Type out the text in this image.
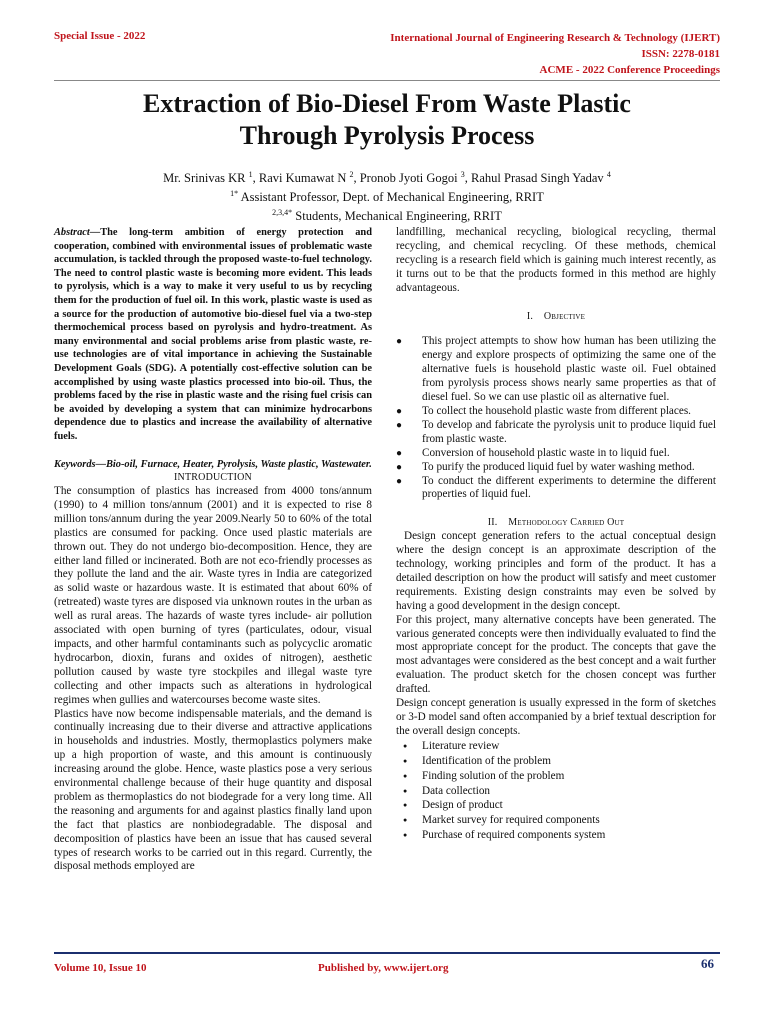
Special Issue - 2022	International Journal of Engineering Research & Technology (IJERT)
ISSN: 2278-0181
ACME - 2022 Conference Proceedings
Extraction of Bio-Diesel From Waste Plastic
Through Pyrolysis Process
Mr. Srinivas KR $^1$, Ravi Kumawat N $^2$, Pronob Jyoti Gogoi $^3$, Rahul Prasad Singh Yadav $^4$
$^{1*}$ Assistant Professor, Dept. of Mechanical Engineering, RRIT
$^{2,3,4*}$ Students, Mechanical Engineering, RRIT

Abstract—The long-term ambition of energy protection and cooperation, combined with environmental issues of problematic waste accumulation, is tackled through the proposed waste-to-fuel technology. The need to control plastic waste is becoming more evident. This leads to pyrolysis, which is a way to make it very useful to us by recycling them for the production of fuel oil. In this work, plastic waste is used as a source for the production of automotive bio-diesel fuel via a two-step thermochemical process based on pyrolysis and hydro-treatment. As many environmental and social problems arise from plastic waste, re-use technologies are of vital importance in achieving the Sustainable Development Goals (SDG). A potentially cost-effective solution can be accomplished by using waste plastics processed into bio-oil. Thus, the problems faced by the rise in plastic waste and the rising fuel crisis can be avoided by developing a system that can minimize hydrocarbons dependence due to plastics and increase the availability of alternative fuels.

Keywords—Bio-oil, Furnace, Heater, Pyrolysis, Waste plastic, Wastewater.

INTRODUCTION

The consumption of plastics has increased from 4000 tons/annum (1990) to 4 million tons/annum (2001) and it is expected to rise 8 million tons/annum during the year 2009.Nearly 50 to 60% of the total plastics are consumed for packing. Once used plastic materials are thrown out. They do not undergo bio-decomposition. Hence, they are either land filled or incinerated. Both are not eco-friendly processes as they pollute the land and the air. Waste tyres in India are categorized as solid waste or hazardous waste. It is estimated that about 60% of (retreated) waste tyres are disposed via unknown routes in the urban as well as rural areas. The hazards of waste tyres include- air pollution associated with open burning of tyres (particulates, odour, visual impacts, and other harmful contaminants such as polycyclic aromatic hydrocarbon, dioxin, furans and oxides of nitrogen), aesthetic pollution caused by waste tyre stockpiles and illegal waste tyre collecting and other impacts such as alterations in hydrological regimes when gullies and watercourses become waste sites.

Plastics have now become indispensable materials, and the demand is continually increasing due to their diverse and attractive applications in households and industries. Mostly, thermoplastics polymers make up a high proportion of waste, and this amount is continuously increasing around the globe. Hence, waste plastics pose a very serious environmental challenge because of their huge quantity and disposal problem as thermoplastics do not biodegrade for a very long time. All the reasoning and arguments for and against plastics finally land upon the fact that plastics are nonbiodegradable. The disposal and decomposition of plastics have been an issue that has caused several types of research works to be carried out in this regard. Currently, the disposal methods employed are

landfilling, mechanical recycling, biological recycling, thermal recycling, and chemical recycling. Of these methods, chemical recycling is a research field which is gaining much interest recently, as it turns out to be that the products formed in this method are highly advantageous.

I. Objective

● This project attempts to show how human has been utilizing the energy and explore prospects of optimizing the same one of the alternative fuels is household plastic waste oil. Fuel obtained from pyrolysis process shows nearly same properties as that of diesel fuel. So we can use plastic oil as alternative fuel.
● To collect the household plastic waste from different places.
● To develop and fabricate the pyrolysis unit to produce liquid fuel from plastic waste.
● Conversion of household plastic waste in to liquid fuel.
● To purify the produced liquid fuel by water washing method.
● To conduct the different experiments to determine the different properties of liquid fuel.

II. Methodology Carried Out

Design concept generation refers to the actual conceptual design where the design concept is an approximate description of the technology, working principles and form of the product. It has a detailed description on how the product will satisfy and meet customer requirements. Existing design constraints may even be solved by having a good development in the design concept.

For this project, many alternative concepts have been generated. The various generated concepts were then individually evaluated to find the most appropriate concept for the product. The concepts that gave the most advantages were considered as the best concept and a wait further evaluation. The product sketch for the chosen concept was further drafted.

Design concept generation is usually expressed in the form of sketches or 3-D model sand often accompanied by a brief textual description for the overall design concepts.

● Literature review
● Identification of the problem
● Finding solution of the problem
● Data collection
● Design of product
● Market survey for required components
● Purchase of required components system
Volume 10, Issue 10	Published by, www.ijert.org	66
